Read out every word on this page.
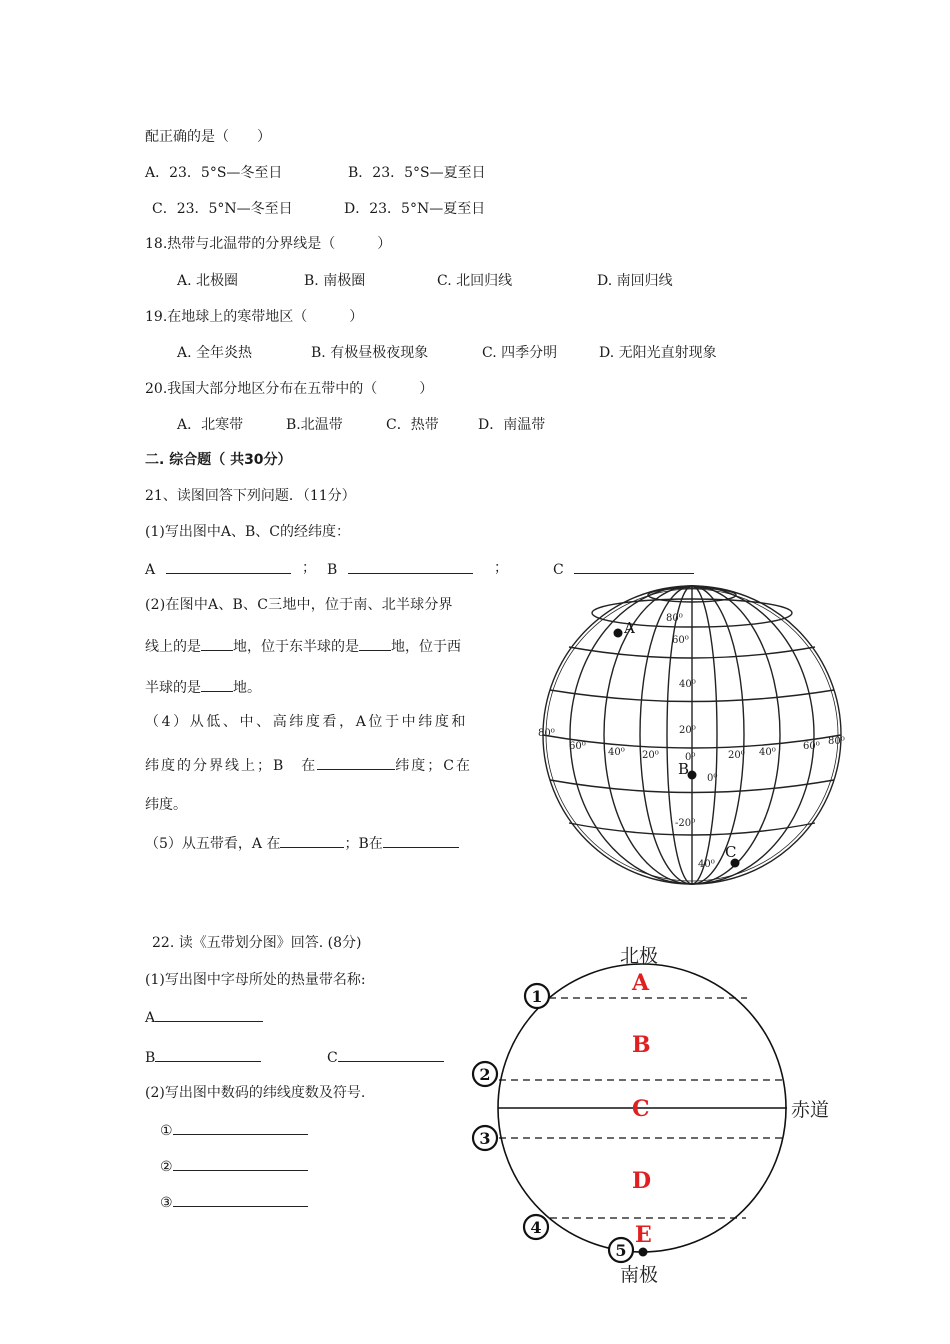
配正确的是（　　）
A．23．5°S—冬至日	B．23．5°S—夏至日
C．23．5°N—冬至日	D．23．5°N—夏至日
18.热带与北温带的分界线是（　　　）
A. 北极圈	B. 南极圈	C. 北回归线	D. 南回归线
19.在地球上的寒带地区（　　　）
A. 全年炎热	B. 有极昼极夜现象	C. 四季分明	D. 无阳光直射现象
20.我国大部分地区分布在五带中的（　　　）
A．北寒带	B.北温带	C．热带	D．南温带
二. 综合题（ 共30分）
21、读图回答下列问题．（11分）
(1)写出图中A、B、C的经纬度：
A	； B	；	C
(2)在图中A、B、C三地中，位于南、北半球分界
线上的是 地，位于东半球的是 地，位于西
半球的是 地。
（4）从低、中、高纬度看，A位于中纬度和
纬度的分界线上；B　在	纬度；C在
纬度。
（5）从五带看，A 在	；B在
A
B
C
80⁰
60⁰
40⁰
20⁰
0⁰
-20⁰
40⁰
80⁰
60⁰
40⁰ 20⁰	0⁰	20⁰ 40⁰
60⁰ 80⁰
22. 读《五带划分图》回答. (8分)
(1)写出图中字母所处的热量带名称:
A
B	C
(2)写出图中数码的纬线度数及符号.
①
②
③
北极
南极
赤道
A
B
C
D
E
1
2
3
4
5
